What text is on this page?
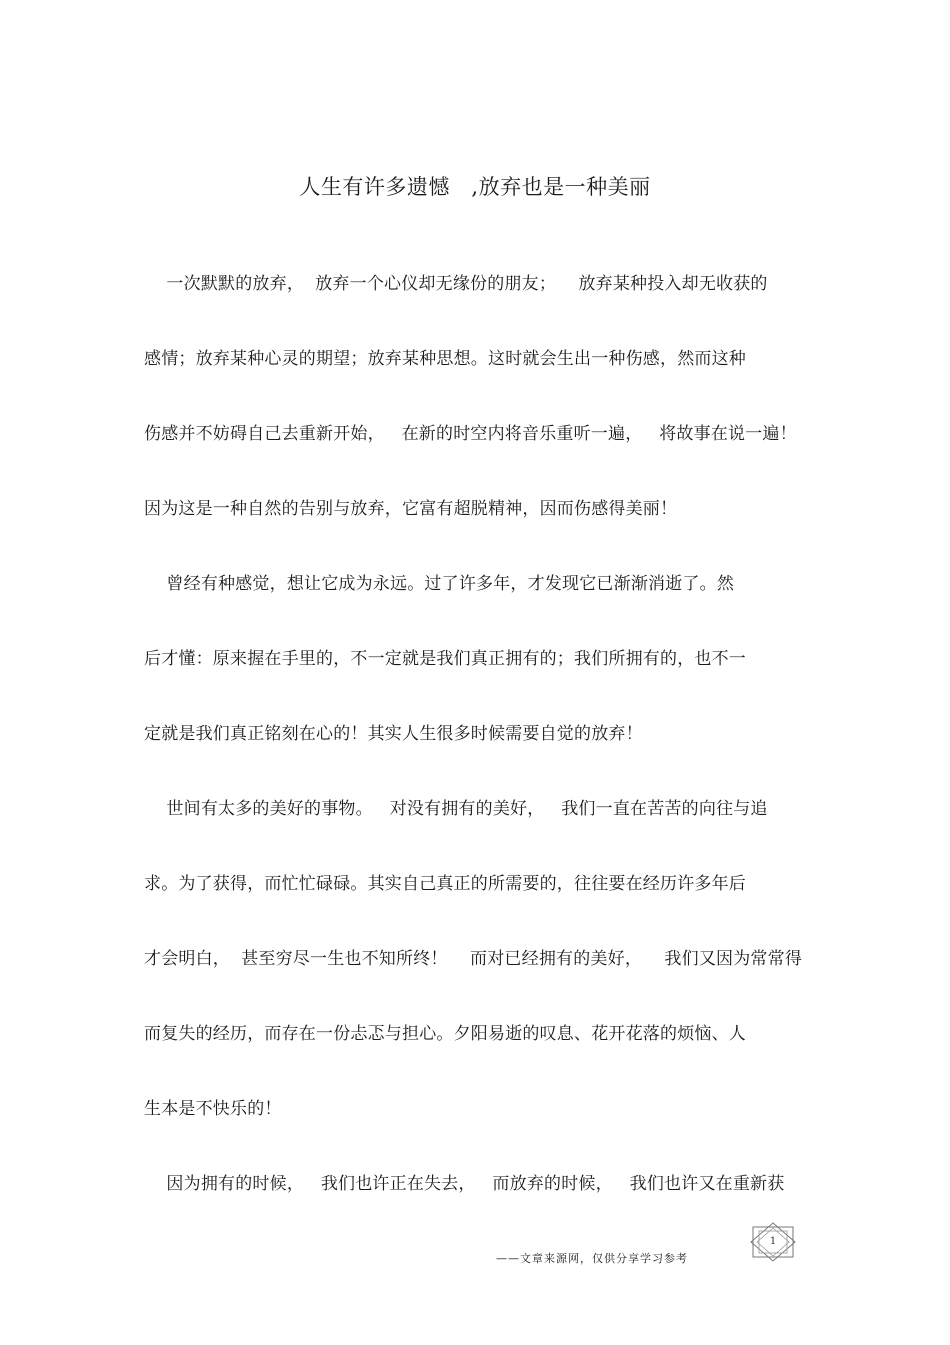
人生有许多遗憾   ,放弃也是一种美丽
一次默默的放弃，  放弃一个心仪却无缘份的朋友；    放弃某种投入却无收获的
感情；放弃某种心灵的期望；放弃某种思想。这时就会生出一种伤感，然而这种
伤感并不妨碍自己去重新开始，   在新的时空内将音乐重听一遍，   将故事在说一遍！
因为这是一种自然的告别与放弃，它富有超脱精神，因而伤感得美丽！
曾经有种感觉，想让它成为永远。过了许多年，才发现它已渐渐消逝了。然
后才懂：原来握在手里的，不一定就是我们真正拥有的；我们所拥有的，也不一
定就是我们真正铭刻在心的！其实人生很多时候需要自觉的放弃！
世间有太多的美好的事物。   对没有拥有的美好，   我们一直在苦苦的向往与追
求。为了获得，而忙忙碌碌。其实自己真正的所需要的，往往要在经历许多年后
才会明白，  甚至穷尽一生也不知所终！    而对已经拥有的美好，    我们又因为常常得
而复失的经历，而存在一份忐忑与担心。夕阳易逝的叹息、花开花落的烦恼、人
生本是不快乐的！
因为拥有的时候，   我们也许正在失去，   而放弃的时候，   我们也许又在重新获
——文章来源网，仅供分享学习参考
1
